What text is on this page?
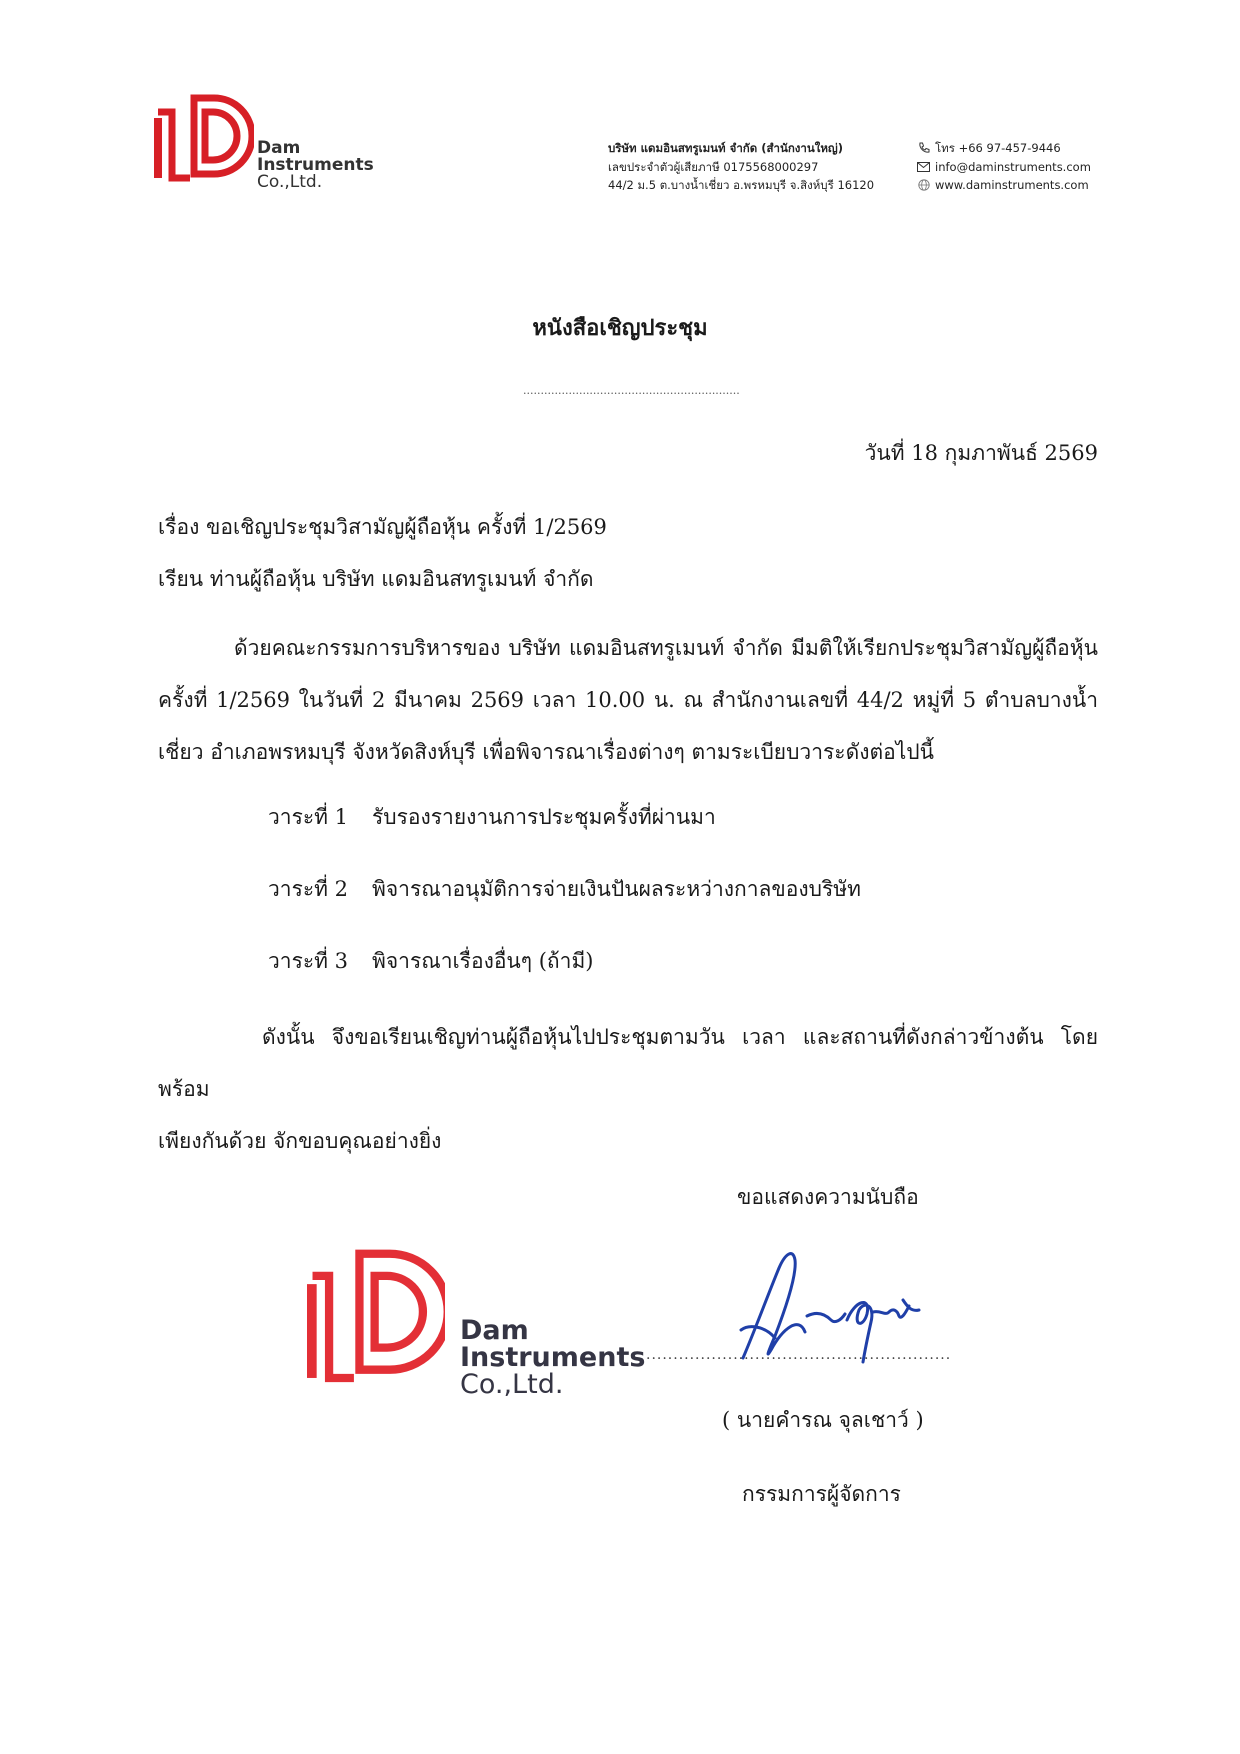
Dam
Instruments
Co.,Ltd.
บริษัท แดมอินสทรูเมนท์ จำกัด (สำนักงานใหญ่)
เลขประจำตัวผู้เสียภาษี 0175568000297
44/2 ม.5 ต.บางน้ำเชี่ยว อ.พรหมบุรี จ.สิงห์บุรี 16120
โทร +66 97-457-9446
info@daminstruments.com
www.daminstruments.com
หนังสือเชิญประชุม
..............................................................
วันที่ 18 กุมภาพันธ์ 2569
เรื่อง ขอเชิญประชุมวิสามัญผู้ถือหุ้น ครั้งที่ 1/2569
เรียน ท่านผู้ถือหุ้น บริษัท แดมอินสทรูเมนท์ จำกัด
ด้วยคณะกรรมการบริหารของ บริษัท แดมอินสทรูเมนท์ จำกัด มีมติให้เรียกประชุมวิสามัญผู้ถือหุ้น
ครั้งที่ 1/2569 ในวันที่ 2 มีนาคม 2569 เวลา 10.00 น. ณ สำนักงานเลขที่ 44/2 หมู่ที่ 5 ตำบลบางน้ำเชี่ยว อำเภอพรหมบุรี จังหวัดสิงห์บุรี เพื่อพิจารณาเรื่องต่างๆ ตามระเบียบวาระดังต่อไปนี้
วาระที่ 1 รับรองรายงานการประชุมครั้งที่ผ่านมา
วาระที่ 2 พิจารณาอนุมัติการจ่ายเงินปันผลระหว่างกาลของบริษัท
วาระที่ 3 พิจารณาเรื่องอื่นๆ (ถ้ามี)
ดังนั้น จึงขอเรียนเชิญท่านผู้ถือหุ้นไปประชุมตามวัน เวลา และสถานที่ดังกล่าวข้างต้น โดยพร้อม
เพียงกันด้วย จักขอบคุณอย่างยิ่ง
ขอแสดงความนับถือ
Dam
Instruments
Co.,Ltd.
........................................................
( นายคำรณ จุลเชาว์ )
กรรมการผู้จัดการ
